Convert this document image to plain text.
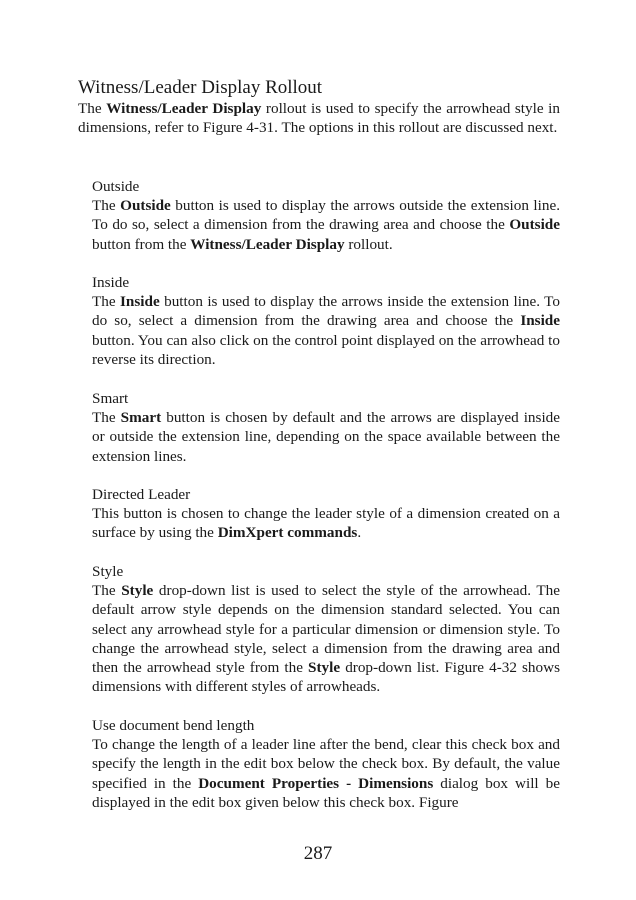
Witness/Leader Display Rollout

The Witness/Leader Display rollout is used to specify the arrowhead style in dimensions, refer to Figure 4-31. The options in this rollout are discussed next.

Outside
The Outside button is used to display the arrows outside the extension line. To do so, select a dimension from the drawing area and choose the Outside button from the Witness/Leader Display rollout.
Inside
The Inside button is used to display the arrows inside the extension line. To do so, select a dimension from the drawing area and choose the Inside button. You can also click on the control point displayed on the arrowhead to reverse its direction.
Smart
The Smart button is chosen by default and the arrows are displayed inside or outside the extension line, depending on the space available between the extension lines.
Directed Leader
This button is chosen to change the leader style of a dimension created on a surface by using the DimXpert commands.
Style
The Style drop-down list is used to select the style of the arrowhead. The default arrow style depends on the dimension standard selected. You can select any arrowhead style for a particular dimension or dimension style. To change the arrowhead style, select a dimension from the drawing area and then the arrowhead style from the Style drop-down list. Figure 4-32 shows dimensions with different styles of arrowheads.
Use document bend length
To change the length of a leader line after the bend, clear this check box and specify the length in the edit box below the check box. By default, the value specified in the Document Properties - Dimensions dialog box will be displayed in the edit box given below this check box. Figure
287
